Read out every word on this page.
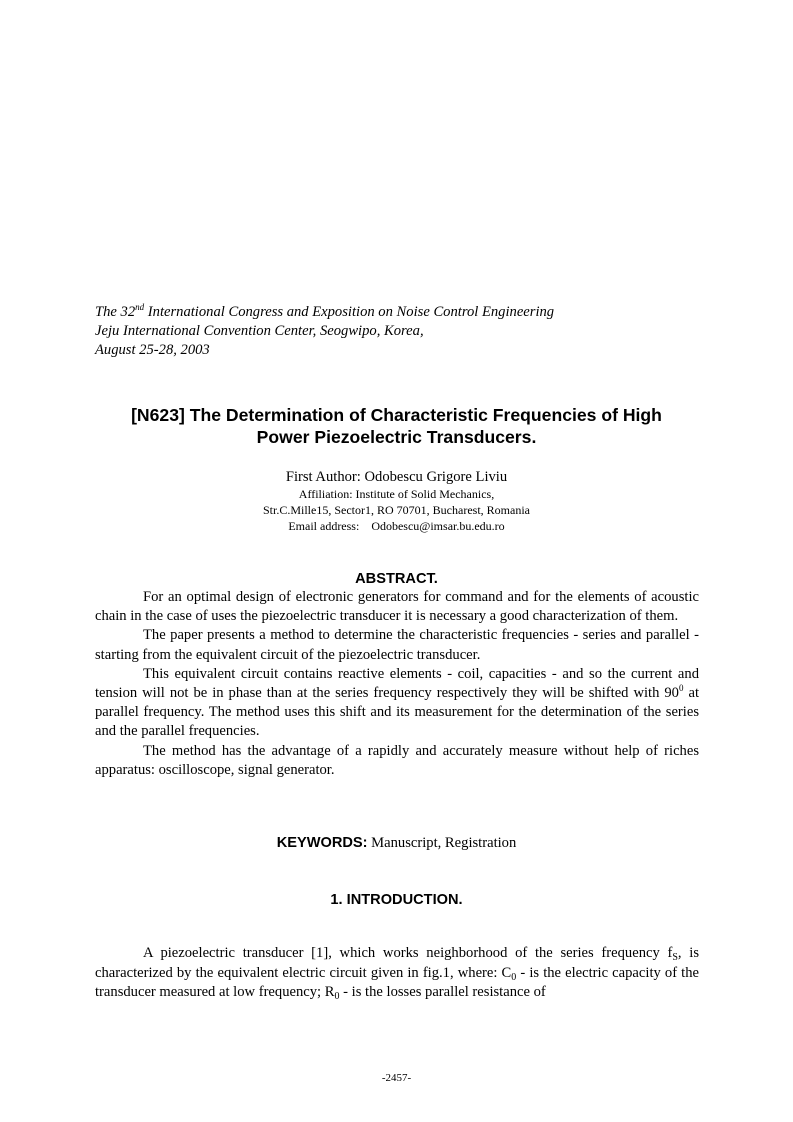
The 32nd International Congress and Exposition on Noise Control Engineering
Jeju International Convention Center, Seogwipo, Korea,
August 25-28, 2003
[N623] The Determination of Characteristic Frequencies of High
Power Piezoelectric Transducers.
First Author: Odobescu Grigore Liviu
Affiliation: Institute of Solid Mechanics,
Str.C.Mille15, Sector1, RO 70701, Bucharest, Romania
Email address: Odobescu@imsar.bu.edu.ro
ABSTRACT.

For an optimal design of electronic generators for command and for the elements of acoustic chain in the case of uses the piezoelectric transducer it is necessary a good characterization of them.

The paper presents a method to determine the characteristic frequencies - series and parallel - starting from the equivalent circuit of the piezoelectric transducer.

This equivalent circuit contains reactive elements - coil, capacities - and so the current and tension will not be in phase than at the series frequency respectively they will be shifted with $90^0$ at parallel frequency. The method uses this shift and its measurement for the determination of the series and the parallel frequencies.

The method has the advantage of a rapidly and accurately measure without help of riches apparatus: oscilloscope, signal generator.

KEYWORDS: Manuscript, Registration
1. INTRODUCTION.

A piezoelectric transducer [1], which works neighborhood of the series frequency $f_S$, is characterized by the equivalent electric circuit given in fig.1, where: $C_0$ - is the electric capacity of the transducer measured at low frequency; $R_0$ - is the losses parallel resistance of

-2457-
